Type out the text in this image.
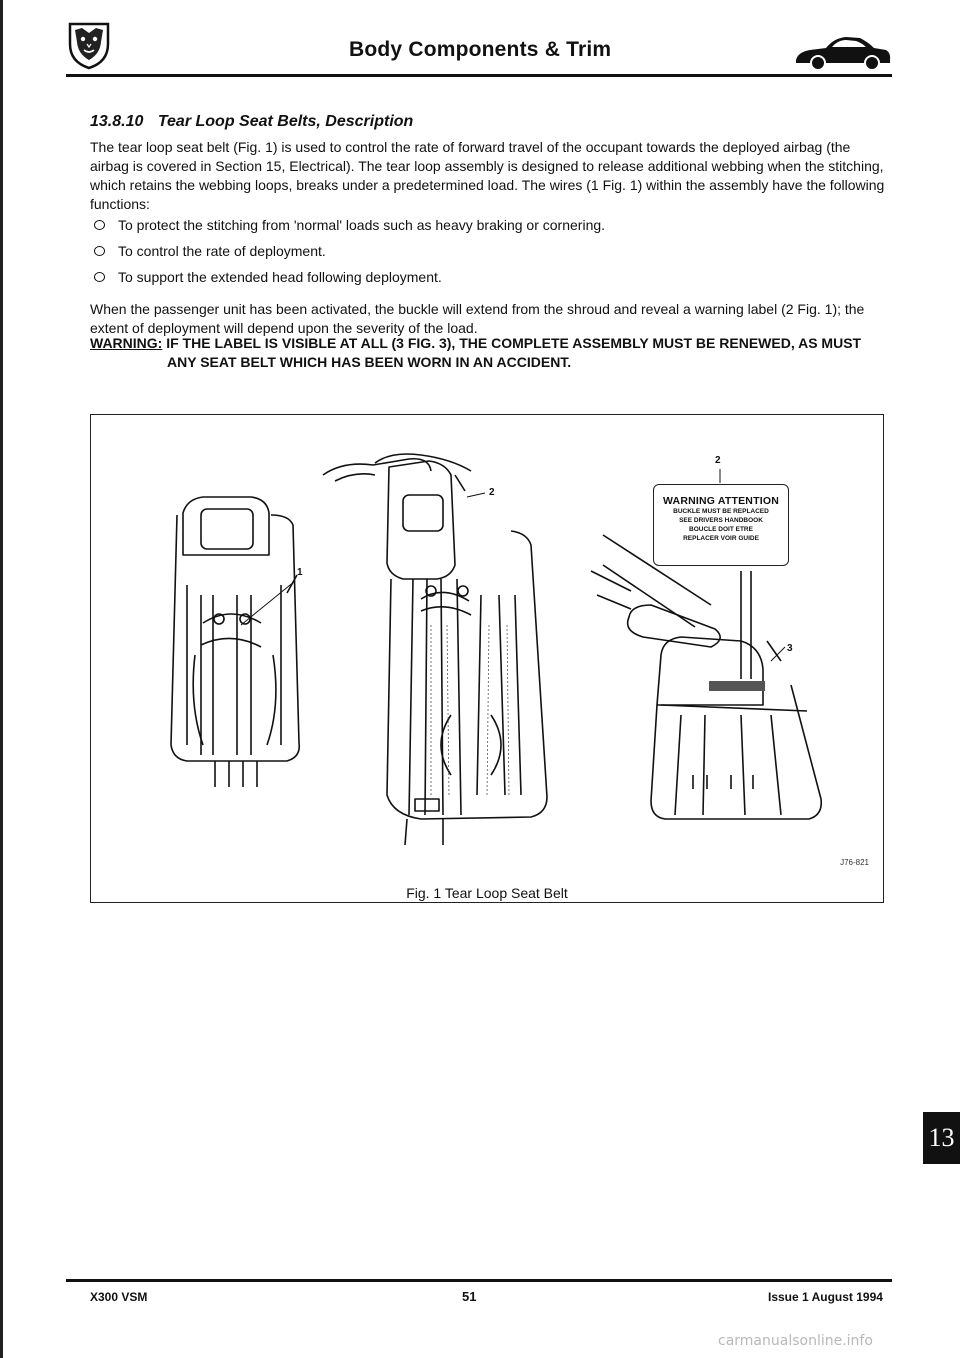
Body Components & Trim
13.8.10 Tear Loop Seat Belts, Description
The tear loop seat belt (Fig. 1) is used to control the rate of forward travel of the occupant towards the deployed airbag (the airbag is covered in Section 15, Electrical). The tear loop assembly is designed to release additional webbing when the stitching, which retains the webbing loops, breaks under a predetermined load. The wires (1 Fig. 1) within the assembly have the following functions:
To protect the stitching from 'normal' loads such as heavy braking or cornering.
To control the rate of deployment.
To support the extended head following deployment.
When the passenger unit has been activated, the buckle will extend from the shroud and reveal a warning label (2 Fig. 1); the extent of deployment will depend upon the severity of the load.
WARNING: IF THE LABEL IS VISIBLE AT ALL (3 FIG. 3), THE COMPLETE ASSEMBLY MUST BE RENEWED, AS MUST
ANY SEAT BELT WHICH HAS BEEN WORN IN AN ACCIDENT.
1
2
2
3
WARNING ATTENTION
BUCKLE MUST BE REPLACED
SEE DRIVERS HANDBOOK
BOUCLE DOIT ETRE
REPLACER VOIR GUIDE
J76-821
Fig. 1 Tear Loop Seat Belt
13
X300 VSM	51	Issue 1 August 1994
carmanualsonline.info
